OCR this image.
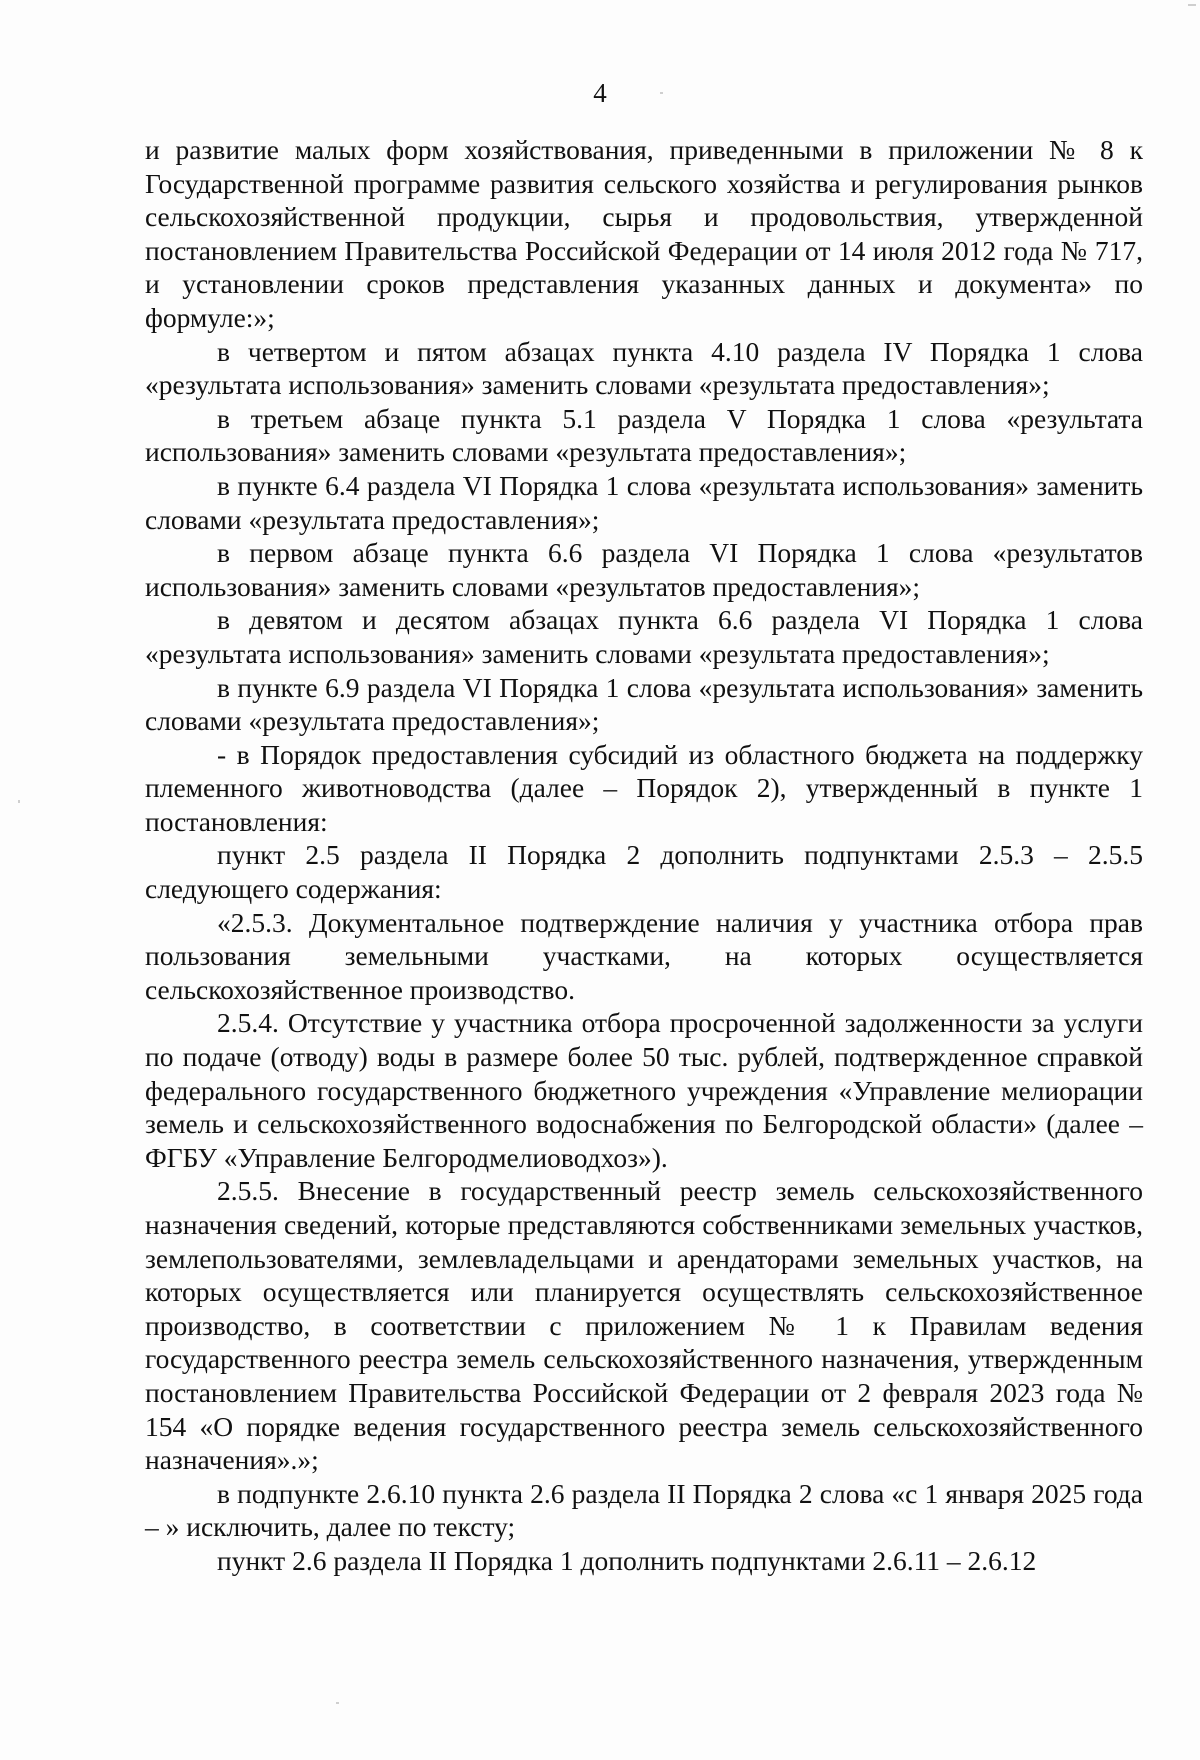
4

и развитие малых форм хозяйствования, приведенными в приложении № 8 к Государственной программе развития сельского хозяйства и регулирования рынков сельскохозяйственной продукции, сырья и продовольствия, утвержденной постановлением Правительства Российской Федерации от 14 июля 2012 года № 717, и установлении сроков представления указанных данных и документа» по формуле:»;

в четвертом и пятом абзацах пункта 4.10 раздела IV Порядка 1 слова «результата использования» заменить словами «результата предоставления»;

в третьем абзаце пункта 5.1 раздела V Порядка 1 слова «результата использования» заменить словами «результата предоставления»;

в пункте 6.4 раздела VI Порядка 1 слова «результата использования» заменить словами «результата предоставления»;

в первом абзаце пункта 6.6 раздела VI Порядка 1 слова «результатов использования» заменить словами «результатов предоставления»;

в девятом и десятом абзацах пункта 6.6 раздела VI Порядка 1 слова «результата использования» заменить словами «результата предоставления»;

в пункте 6.9 раздела VI Порядка 1 слова «результата использования» заменить словами «результата предоставления»;

- в Порядок предоставления субсидий из областного бюджета на поддержку племенного животноводства (далее – Порядок 2), утвержденный в пункте 1 постановления:

пункт 2.5 раздела II Порядка 2 дополнить подпунктами 2.5.3 – 2.5.5 следующего содержания:

«2.5.3. Документальное подтверждение наличия у участника отбора прав пользования земельными участками, на которых осуществляется сельскохозяйственное производство.

2.5.4. Отсутствие у участника отбора просроченной задолженности за услуги по подаче (отводу) воды в размере более 50 тыс. рублей, подтвержденное справкой федерального государственного бюджетного учреждения «Управление мелиорации земель и сельскохозяйственного водоснабжения по Белгородской области» (далее – ФГБУ «Управление Белгородмелиоводхоз»).

2.5.5. Внесение в государственный реестр земель сельскохозяйственного назначения сведений, которые представляются собственниками земельных участков, землепользователями, землевладельцами и арендаторами земельных участков, на которых осуществляется или планируется осуществлять сельскохозяйственное производство, в соответствии с приложением № 1 к Правилам ведения государственного реестра земель сельскохозяйственного назначения, утвержденным постановлением Правительства Российской Федерации от 2 февраля 2023 года № 154 «О порядке ведения государственного реестра земель сельскохозяйственного назначения».»;

в подпункте 2.6.10 пункта 2.6 раздела II Порядка 2 слова «с 1 января 2025 года – » исключить, далее по тексту;

пункт 2.6 раздела II Порядка 1 дополнить подпунктами 2.6.11 – 2.6.12
